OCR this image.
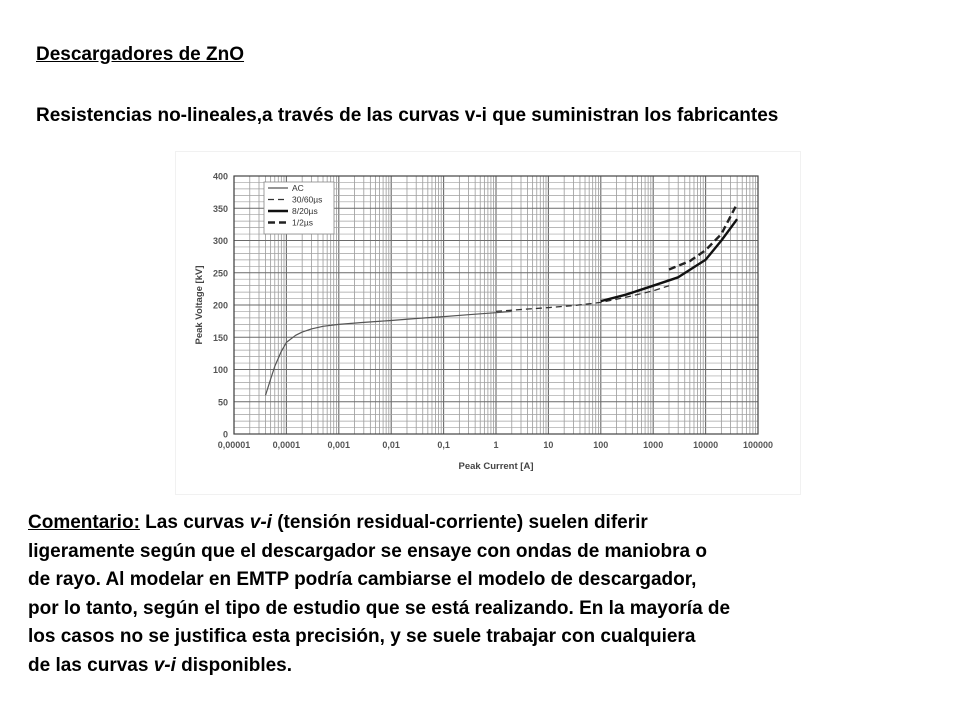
Descargadores de ZnO

Resistencias no-lineales,a través de las curvas v-i que suministran los fabricantes

0
50
100
150
200
250
300
350
400
0,00001 0,0001	0,001	0,01	0,1	1	10	100	1000	10000	100000
Peak Current [A]
Peak Voltage [kV]
AC
30/60µs
8/20µs
1/2µs

Comentario: Las curvas v-i (tensión residual-corriente) suelen diferir
ligeramente según que el descargador se ensaye con ondas de maniobra o
de rayo. Al modelar en EMTP podría cambiarse el modelo de descargador,
por lo tanto, según el tipo de estudio que se está realizando. En la mayoría de
los casos no se justifica esta precisión, y se suele trabajar con cualquiera
de las curvas v-i disponibles.
